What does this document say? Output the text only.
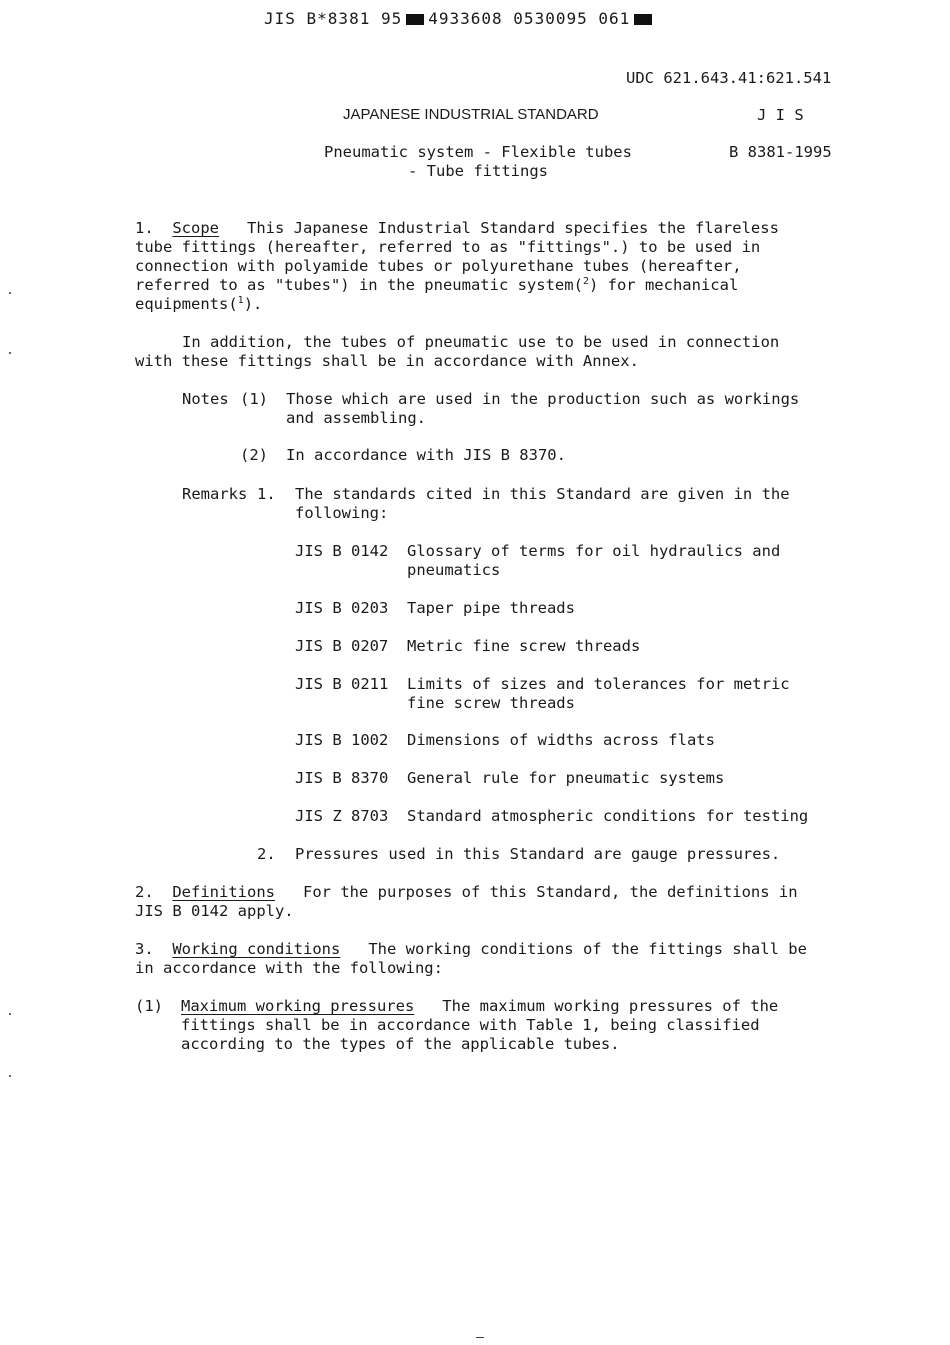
JIS B*8381 95 4933608 0530095 061
UDC 621.643.41:621.541
JAPANESE INDUSTRIAL STANDARD	J I S
Pneumatic system - Flexible tubes
- Tube fittings
B 8381-1995
1. Scope This Japanese Industrial Standard specifies the flareless tube fittings (hereafter, referred to as "fittings".) to be used in connection with polyamide tubes or polyurethane tubes (hereafter, referred to as "tubes") in the pneumatic system($^2$) for mechanical equipments($^1$).
In addition, the tubes of pneumatic use to be used in connection with these fittings shall be in accordance with Annex.
Notes (1) Those which are used in the production such as workings and assembling.
(2) In accordance with JIS B 8370.
Remarks 1. The standards cited in this Standard are given in the following:
JIS B 0142 Glossary of terms for oil hydraulics and pneumatics
JIS B 0203 Taper pipe threads
JIS B 0207 Metric fine screw threads
JIS B 0211 Limits of sizes and tolerances for metric fine screw threads
JIS B 1002 Dimensions of widths across flats
JIS B 8370 General rule for pneumatic systems
JIS Z 8703 Standard atmospheric conditions for testing
2. Pressures used in this Standard are gauge pressures.
2. Definitions For the purposes of this Standard, the definitions in JIS B 0142 apply.
3. Working conditions The working conditions of the fittings shall be in accordance with the following:
(1) Maximum working pressures The maximum working pressures of the fittings shall be in accordance with Table 1, being classified according to the types of the applicable tubes.
